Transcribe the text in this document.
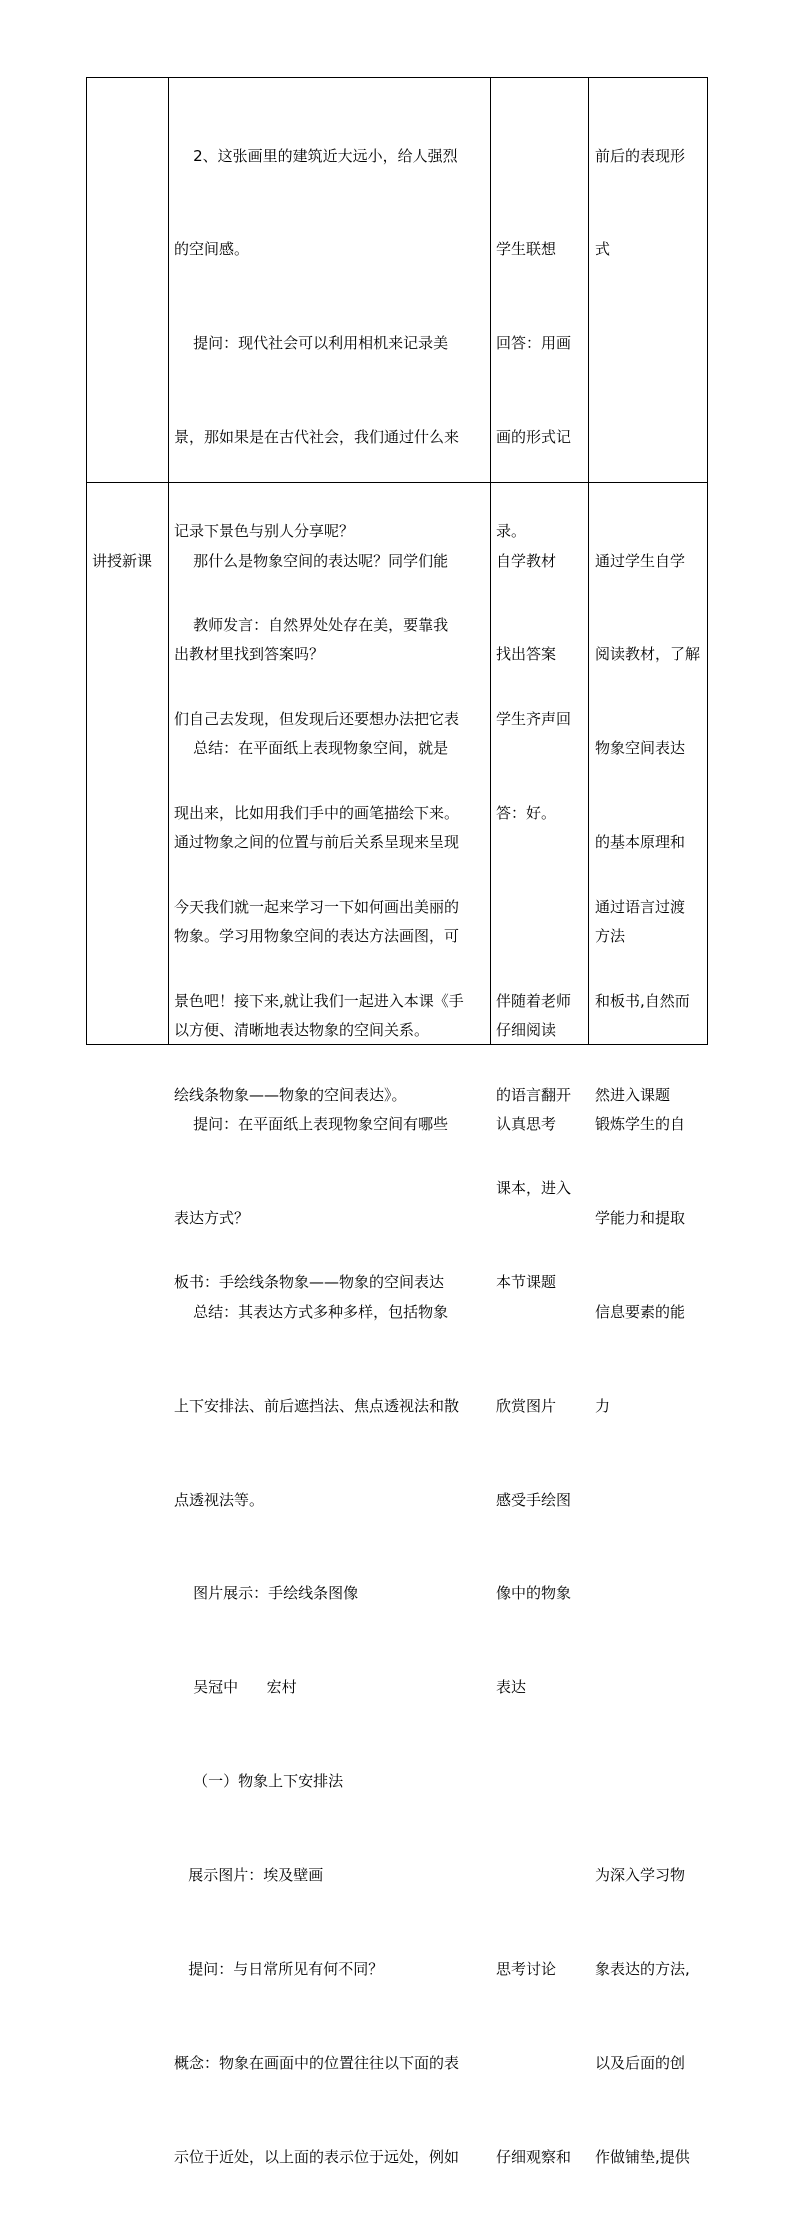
2、这张画里的建筑近大远小，给人强烈

的空间感。

提问：现代社会可以利用相机来记录美

景，那如果是在古代社会，我们通过什么来

记录下景色与别人分享呢？

教师发言：自然界处处存在美，要靠我

们自己去发现，但发现后还要想办法把它表

现出来，比如用我们手中的画笔描绘下来。

今天我们就一起来学习一下如何画出美丽的

景色吧！接下来,就让我们一起进入本课《手

绘线条物象——物象的空间表达》。

板书：手绘线条物象——物象的空间表达

学生联想

回答：用画

画的形式记

录。

学生齐声回

答：好。

伴随着老师

的语言翻开

课本，进入

本节课题

前后的表现形

式

通过语言过渡

和板书,自然而

然进入课题

讲授新课

	那什么是物象空间的表达呢？同学们能

出教材里找到答案吗？

总结：在平面纸上表现物象空间，就是

通过物象之间的位置与前后关系呈现来呈现

物象。学习用物象空间的表达方法画图，可

以方便、清晰地表达物象的空间关系。

提问：在平面纸上表现物象空间有哪些

表达方式？

总结：其表达方式多种多样，包括物象

上下安排法、前后遮挡法、焦点透视法和散

点透视法等。

图片展示：手绘线条图像

吴冠中      宏村

（一）物象上下安排法

展示图片：埃及壁画

提问：与日常所见有何不同？

概念：物象在画面中的位置往往以下面的表

示位于近处，以上面的表示位于远处，例如

自学教材

找出答案

仔细阅读

认真思考

欣赏图片

感受手绘图

像中的物象

表达

思考讨论

仔细观察和

通过学生自学

阅读教材，了解

物象空间表达

的基本原理和

方法

锻炼学生的自

学能力和提取

信息要素的能

力

为深入学习物

象表达的方法,

以及后面的创

作做铺垫,提供
